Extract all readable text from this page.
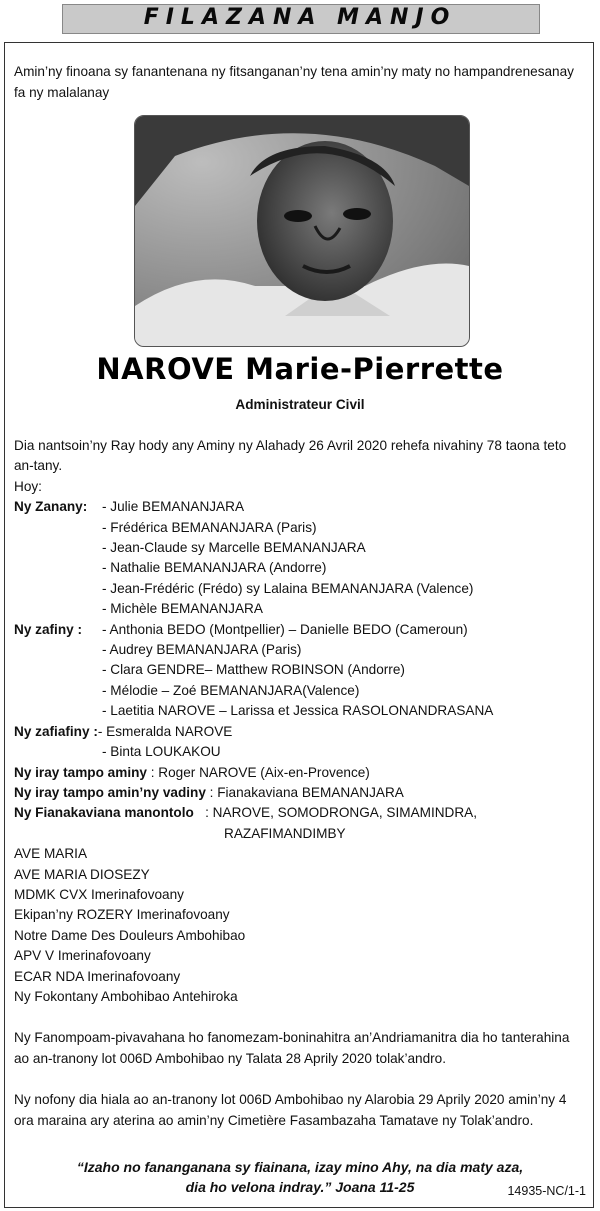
FILAZANA MANJO

Amin’ny finoana sy fanantenana ny fitsanganan’ny tena amin’ny maty no hampandrenesanay fa ny malalanay

NAROVE Marie-Pierrette
Administrateur Civil

Dia nantsoin’ny Ray hody any Aminy ny Alahady 26 Avril 2020 rehefa nivahiny 78 taona teto an-tany.

Hoy:

Ny Zanany:	- Julie BEMANANJARA
- Frédérica BEMANANJARA (Paris)
- Jean-Claude sy Marcelle BEMANANJARA
- Nathalie BEMANANJARA (Andorre)
- Jean-Frédéric (Frédo) sy Lalaina BEMANANJARA (Valence)
- Michèle BEMANANJARA
Ny zafiny :	- Anthonia BEDO (Montpellier) – Danielle BEDO (Cameroun)
- Audrey BEMANANJARA (Paris)
- Clara GENDRE– Matthew ROBINSON (Andorre)
- Mélodie – Zoé BEMANANJARA(Valence)
- Laetitia NAROVE – Larissa et Jessica RASOLONANDRASANA
Ny zafiafiny : - Esmeralda NAROVE
- Binta LOUKAKOU
Ny iray tampo aminy : Roger NAROVE (Aix-en-Provence)
Ny iray tampo amin’ny vadiny : Fianakaviana BEMANANJARA
Ny Fianakaviana manontolo : NAROVE, SOMODRONGA, SIMAMINDRA,
RAZAFIMANDIMBY
AVE MARIA
AVE MARIA DIOSEZY
MDMK CVX Imerinafovoany
Ekipan’ny ROZERY Imerinafovoany
Notre Dame Des Douleurs Ambohibao
APV V Imerinafovoany
ECAR NDA Imerinafovoany
Ny Fokontany Ambohibao Antehiroka

Ny Fanompoam-pivavahana ho fanomezam-boninahitra an’Andriamanitra dia ho tanterahina ao an-tranony lot 006D Ambohibao ny Talata 28 Aprily 2020 tolak’andro.

Ny nofony dia hiala ao an-tranony lot 006D Ambohibao ny Alarobia 29 Aprily 2020 amin’ny 4 ora maraina ary aterina ao amin’ny Cimetière Fasambazaha Tamatave ny Tolak’andro.

“Izaho no fananganana sy fiainana, izay mino Ahy, na dia maty aza,
dia ho velona indray.” Joana 11-25	14935-NC/1-1
